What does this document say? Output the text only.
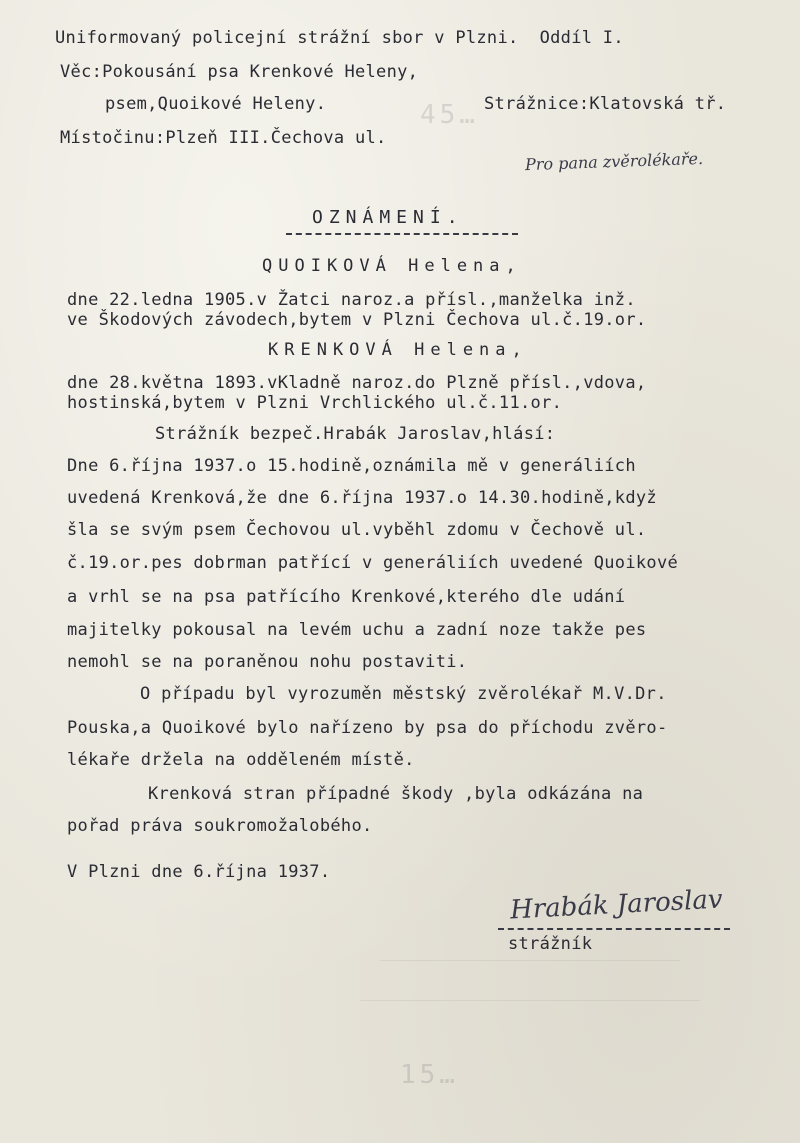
45…
15…
Uniformovaný policejní strážní sbor v Plzni.  Oddíl I.
Věc:Pokousání psa Krenkové Heleny,
psem,Quoikové Heleny.	Strážnice:Klatovská tř.
Místočinu:Plzeň III.Čechova ul.
Pro pana zvěrolékaře.
OZNÁMENÍ.
QUOIKOVÁ Helena,
dne 22.ledna 1905.v Žatci naroz.a přísl.,manželka inž.
ve Škodových závodech,bytem v Plzni Čechova ul.č.19.or.
KRENKOVÁ Helena,
dne 28.května 1893.vKladně naroz.do Plzně přísl.,vdova,
hostinská,bytem v Plzni Vrchlického ul.č.11.or.
Strážník bezpeč.Hrabák Jaroslav,hlásí:
Dne 6.října 1937.o 15.hodině,oznámila mě v generáliích
uvedená Krenková,že dne 6.října 1937.o 14.30.hodině,když
šla se svým psem Čechovou ul.vyběhl zdomu v Čechově ul.
č.19.or.pes dobrman patřící v generáliích uvedené Quoikové
a vrhl se na psa patřícího Krenkové,kterého dle udání
majitelky pokousal na levém uchu a zadní noze takže pes
nemohl se na poraněnou nohu postaviti.
O případu byl vyrozuměn městský zvěrolékař M.V.Dr.
Pouska,a Quoikové bylo nařízeno by psa do příchodu zvěro-
lékaře držela na odděleném místě.
Krenková stran případné škody ,byla odkázána na
pořad práva soukromožalobého.
V Plzni dne 6.října 1937.
Hrabák Jaroslav
strážník
